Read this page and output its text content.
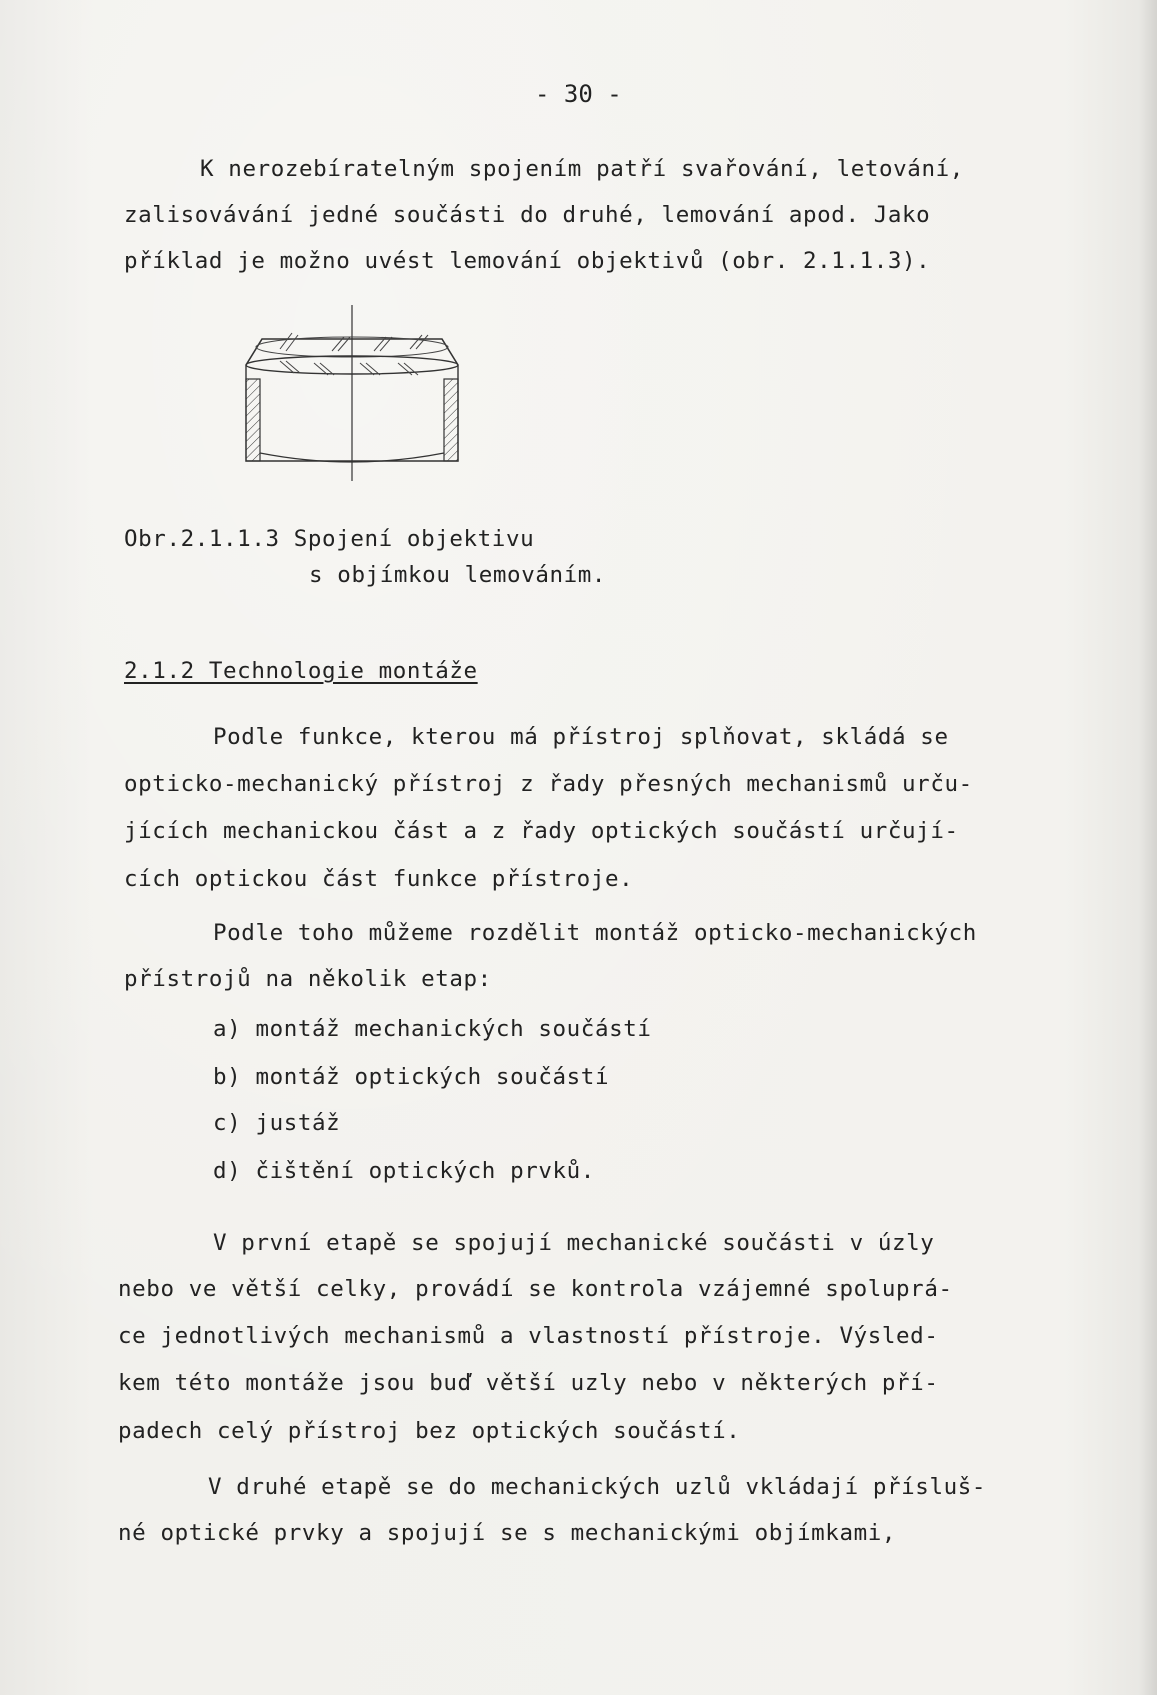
- 30 -
K nerozebíratelným spojením patří svařování, letování,
zalisovávání jedné součásti do druhé, lemování apod. Jako
příklad je možno uvést lemování objektivů (obr. 2.1.1.3).
Obr.2.1.1.3 Spojení objektivu
s objímkou lemováním.
2.1.2 Technologie montáže
Podle funkce, kterou má přístroj splňovat, skládá se
opticko-mechanický přístroj z řady přesných mechanismů urču-
jících mechanickou část a z řady optických součástí určují-
cích optickou část funkce přístroje.
Podle toho můžeme rozdělit montáž opticko-mechanických
přístrojů na několik etap:
a) montáž mechanických součástí
b) montáž optických součástí
c) justáž
d) čištění optických prvků.
V první etapě se spojují mechanické součásti v úzly
nebo ve větší celky, provádí se kontrola vzájemné spoluprá-
ce jednotlivých mechanismů a vlastností přístroje. Výsled-
kem této montáže jsou buď větší uzly nebo v některých pří-
padech celý přístroj bez optických součástí.
V druhé etapě se do mechanických uzlů vkládají přísluš-
né optické prvky a spojují se s mechanickými objímkami,
